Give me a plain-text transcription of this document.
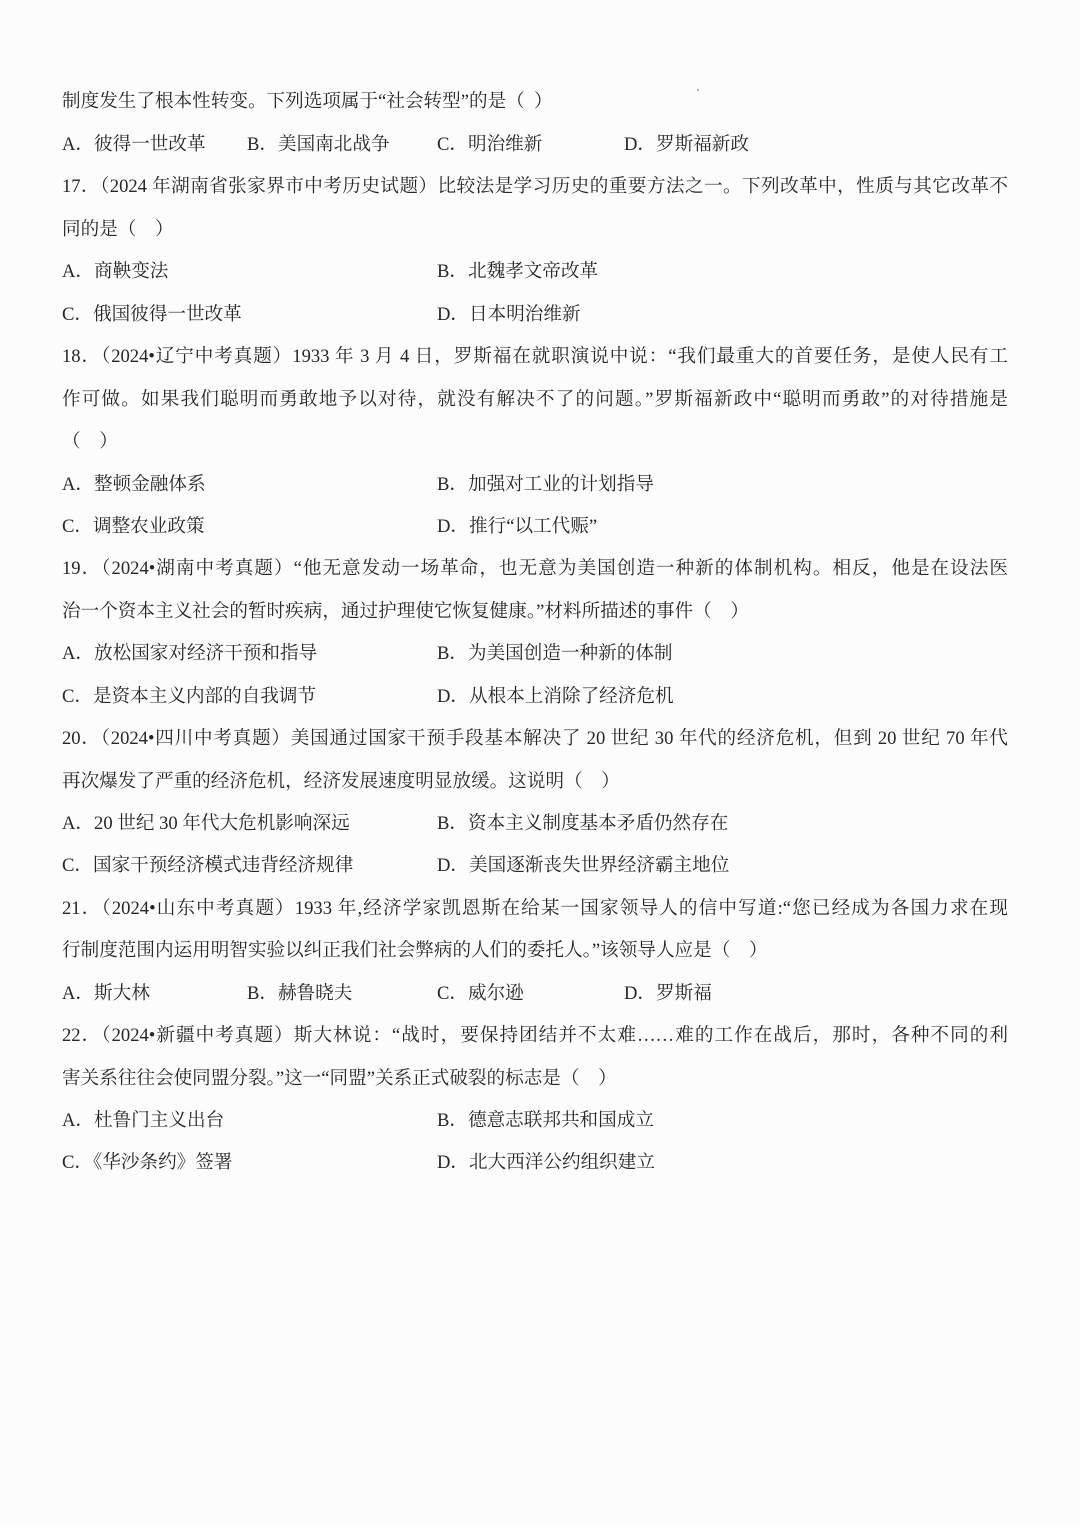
制度发生了根本性转变。下列选项属于“社会转型”的是（  ）

A．彼得一世改革

B．美国南北战争

	C．明治维新

	D．罗斯福新政

17．（2024 年湖南省张家界市中考历史试题）比较法是学习历史的重要方法之一。下列改革中，性质与其它改革不
同的是（    ）

A．商鞅变法

	B．北魏孝文帝改革

C．俄国彼得一世改革

	D．日本明治维新

18．（2024•辽宁中考真题）1933 年 3 月 4 日，罗斯福在就职演说中说：“我们最重大的首要任务，是使人民有工
作可做。如果我们聪明而勇敢地予以对待，就没有解决不了的问题。”罗斯福新政中“聪明而勇敢”的对待措施是
（    ）

A．整顿金融体系

	B．加强对工业的计划指导

C．调整农业政策

	D．推行“以工代赈”

19．（2024•湖南中考真题）“他无意发动一场革命，也无意为美国创造一种新的体制机构。相反，他是在设法医
治一个资本主义社会的暂时疾病，通过护理使它恢复健康。”材料所描述的事件（    ）

A．放松国家对经济干预和指导

	B．为美国创造一种新的体制

C．是资本主义内部的自我调节

	D．从根本上消除了经济危机

20．（2024•四川中考真题）美国通过国家干预手段基本解决了 20 世纪 30 年代的经济危机，但到 20 世纪 70 年代
再次爆发了严重的经济危机，经济发展速度明显放缓。这说明（    ）

A．20 世纪 30 年代大危机影响深远

	B．资本主义制度基本矛盾仍然存在

C．国家干预经济模式违背经济规律

	D．美国逐渐丧失世界经济霸主地位

21．（2024•山东中考真题）1933 年,经济学家凯恩斯在给某一国家领导人的信中写道:“您已经成为各国力求在现
行制度范围内运用明智实验以纠正我们社会弊病的人们的委托人。”该领导人应是（    ）

A．斯大林

	B．赫鲁晓夫

	C．威尔逊

	D．罗斯福

22．（2024•新疆中考真题）斯大林说：“战时，要保持团结并不太难……难的工作在战后，那时，各种不同的利
害关系往往会使同盟分裂。”这一“同盟”关系正式破裂的标志是（    ）

A．杜鲁门主义出台

	B．德意志联邦共和国成立

C．《华沙条约》签署

	D．北大西洋公约组织建立
